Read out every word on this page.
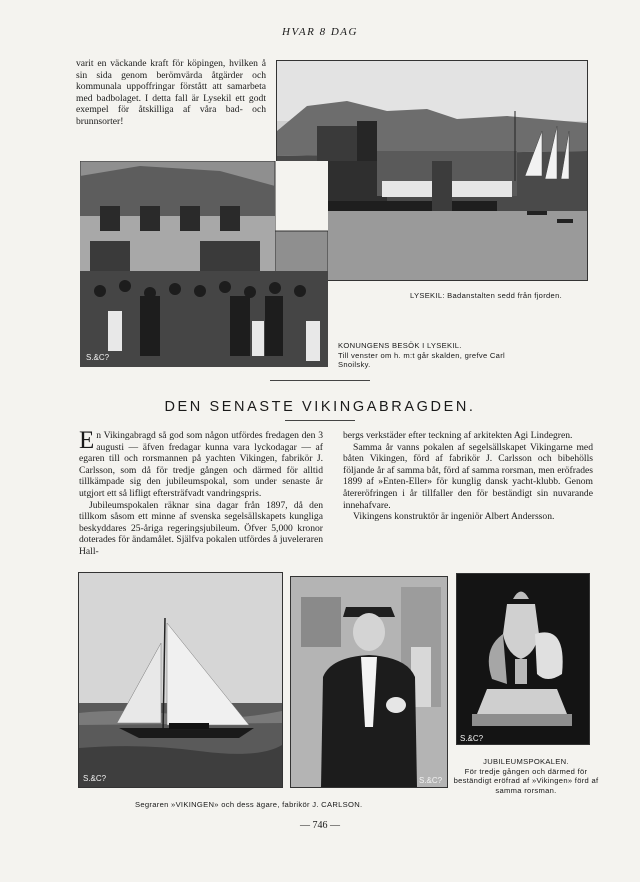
HVAR 8 DAG
varit en väckande kraft för köpingen, hvilken å sin sida genom berömvärda åtgärder och kommunala uppoffringar förstått att samarbeta med badbolaget. I detta fall är Lysekil ett godt exempel för åtskilliga af våra bad- och brunnsorter!
LYSEKIL: Badanstalten sedd från fjorden.
S.&C?
KONUNGENS BESÖK I LYSEKIL.
Till venster om h. m:t går skalden, grefve Carl Snoilsky.
DEN SENASTE VIKINGABRAGDEN.

En Vikingabragd så god som någon utfördes fredagen den 3 augusti — äfven fredagar kunna vara lyckodagar — af egaren till och rorsmannen på yachten Vikingen, fabrikör J. Carlsson, som då för tredje gången och därmed för alltid tillkämpade sig den jubileumspokal, som under senaste år utgjort ett så lifligt eftersträfvadt vandringspris.

Jubileumspokalen räknar sina dagar från 1897, då den tillkom såsom ett minne af svenska segelsällskapets kungliga beskyddares 25-åriga regeringsjubileum. Öfver 5,000 kronor doterades för ändamålet. Själfva pokalen utfördes å juveleraren Hall-

bergs verkstäder efter teckning af arkitekten Agi Lindegren.

Samma år vanns pokalen af segelsällskapet Vikingarne med båten Vikingen, förd af fabrikör J. Carlsson och bibehölls följande år af samma båt, förd af samma rorsman, men eröfrades 1899 af »Enten-Eller» för kunglig dansk yacht-klubb. Genom återeröfringen i år tillfaller den för beständigt sin nuvarande innehafvare.

Vikingens konstruktör är ingeniör Albert Andersson.

S.&C?	S.&C?
S.&C?
JUBILEUMSPOKALEN.
För tredje gången och därmed för beständigt eröfrad af »Vikingen» förd af samma rorsman.
Segraren »VIKINGEN» och dess ägare, fabrikör J. CARLSON.
— 746 —
